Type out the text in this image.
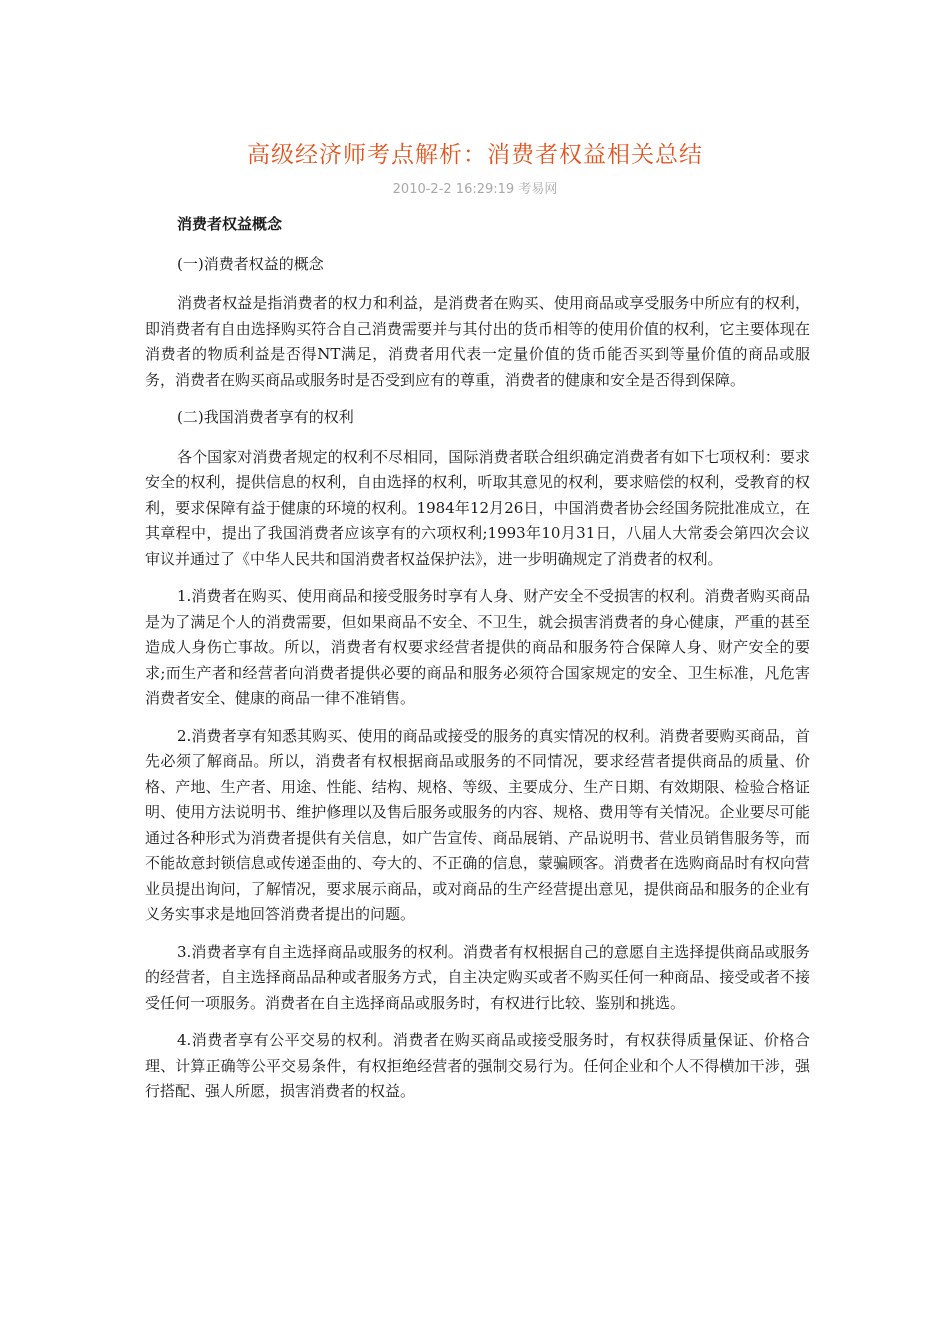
高级经济师考点解析：消费者权益相关总结
2010-2-2 16:29:19 考易网

消费者权益概念

(一)消费者权益的概念

消费者权益是指消费者的权力和利益，是消费者在购买、使用商品或享受服务中所应有的权利，即消费者有自由选择购买符合自己消费需要并与其付出的货币相等的使用价值的权利，它主要体现在消费者的物质利益是否得NT满足，消费者用代表一定量价值的货币能否买到等量价值的商品或服务，消费者在购买商品或服务时是否受到应有的尊重，消费者的健康和安全是否得到保障。

(二)我国消费者享有的权利

各个国家对消费者规定的权利不尽相同，国际消费者联合组织确定消费者有如下七项权利：要求安全的权利，提供信息的权利，自由选择的权利，听取其意见的权利，要求赔偿的权利，受教育的权利，要求保障有益于健康的环境的权利。1984年12月26日，中国消费者协会经国务院批准成立，在其章程中，提出了我国消费者应该享有的六项权利;1993年10月31日，八届人大常委会第四次会议审议并通过了《中华人民共和国消费者权益保护法》，进一步明确规定了消费者的权利。

1.消费者在购买、使用商品和接受服务时享有人身、财产安全不受损害的权利。消费者购买商品是为了满足个人的消费需要，但如果商品不安全、不卫生，就会损害消费者的身心健康，严重的甚至造成人身伤亡事故。所以，消费者有权要求经营者提供的商品和服务符合保障人身、财产安全的要求;而生产者和经营者向消费者提供必要的商品和服务必须符合国家规定的安全、卫生标准，凡危害消费者安全、健康的商品一律不准销售。

2.消费者享有知悉其购买、使用的商品或接受的服务的真实情况的权利。消费者要购买商品，首先必须了解商品。所以，消费者有权根据商品或服务的不同情况，要求经营者提供商品的质量、价格、产地、生产者、用途、性能、结构、规格、等级、主要成分、生产日期、有效期限、检验合格证明、使用方法说明书、维护修理以及售后服务或服务的内容、规格、费用等有关情况。企业要尽可能通过各种形式为消费者提供有关信息，如广告宣传、商品展销、产品说明书、营业员销售服务等，而不能故意封锁信息或传递歪曲的、夸大的、不正确的信息，蒙骗顾客。消费者在选购商品时有权向营业员提出询问，了解情况，要求展示商品，或对商品的生产经营提出意见，提供商品和服务的企业有义务实事求是地回答消费者提出的问题。

3.消费者享有自主选择商品或服务的权利。消费者有权根据自己的意愿自主选择提供商品或服务的经营者，自主选择商品品种或者服务方式，自主决定购买或者不购买任何一种商品、接受或者不接受任何一项服务。消费者在自主选择商品或服务时，有权进行比较、鉴别和挑选。

4.消费者享有公平交易的权利。消费者在购买商品或接受服务时，有权获得质量保证、价格合理、计算正确等公平交易条件，有权拒绝经营者的强制交易行为。任何企业和个人不得横加干涉，强行搭配、强人所愿，损害消费者的权益。
